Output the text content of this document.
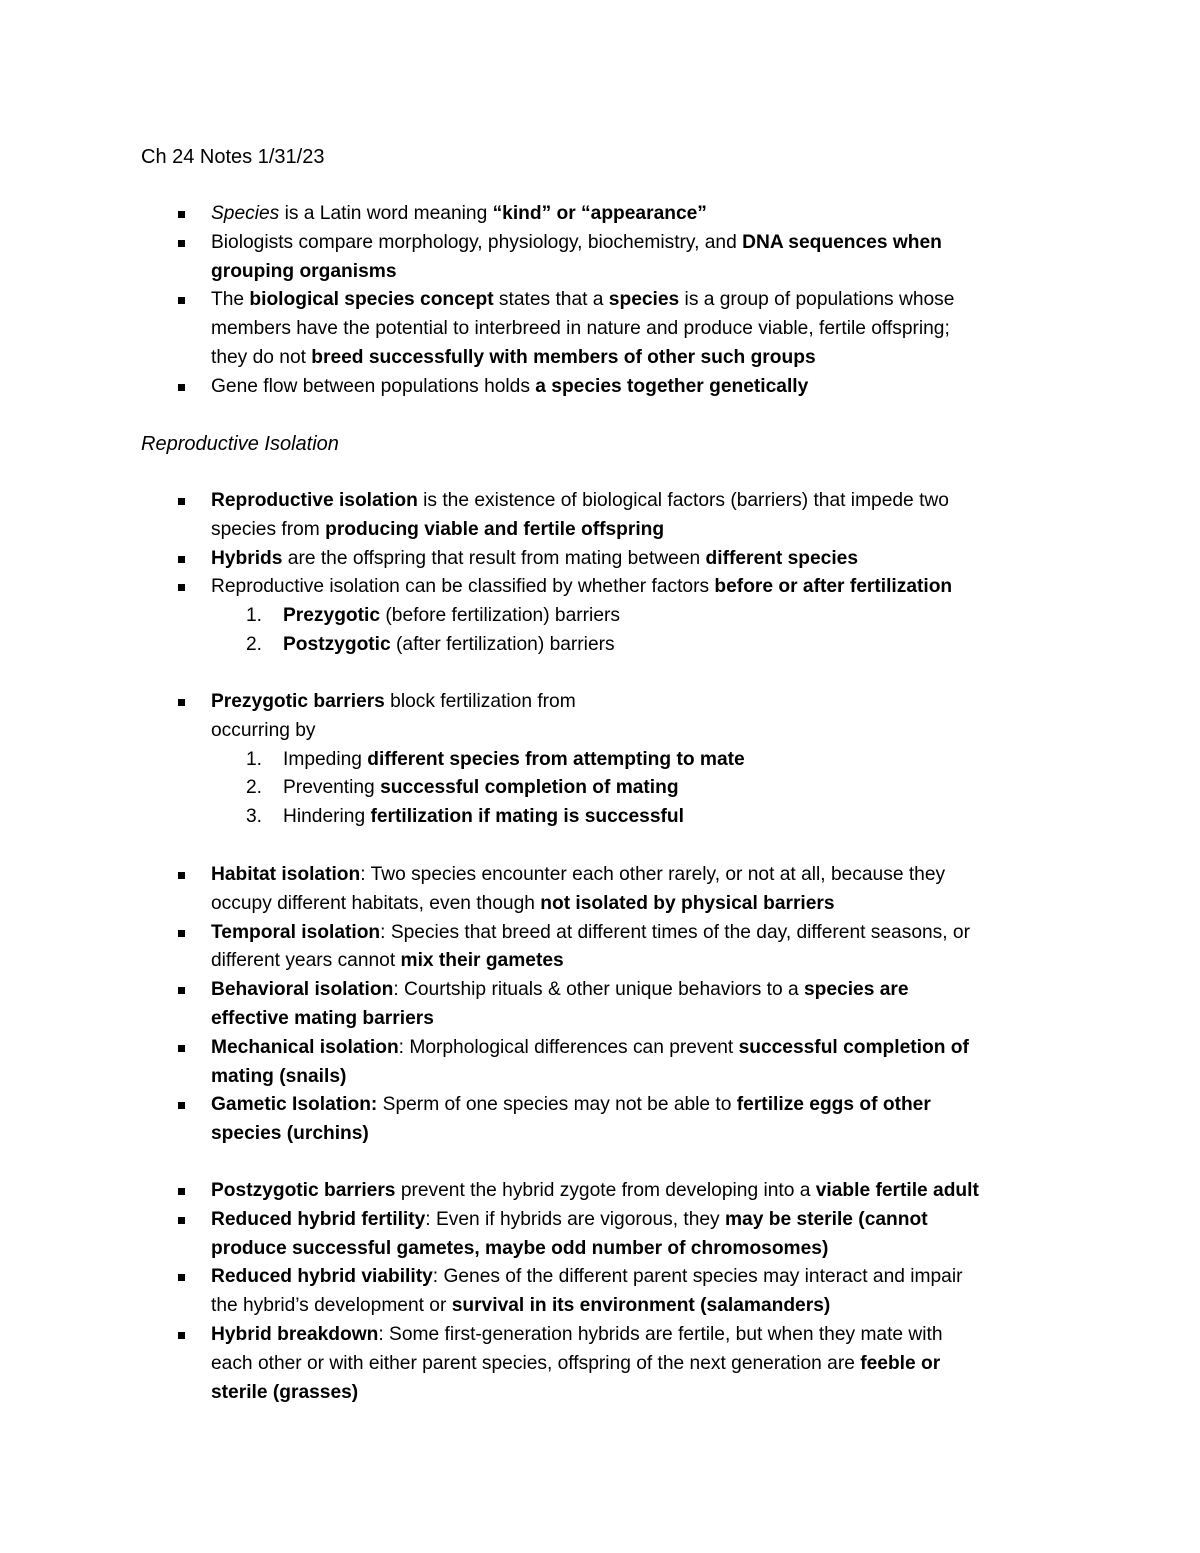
Ch 24 Notes 1/31/23
Species is a Latin word meaning “kind” or “appearance”
Biologists compare morphology, physiology, biochemistry, and DNA sequences when
grouping organisms
The biological species concept states that a species is a group of populations whose
members have the potential to interbreed in nature and produce viable, fertile offspring;
they do not breed successfully with members of other such groups
Gene flow between populations holds a species together genetically
Reproductive Isolation
Reproductive isolation is the existence of biological factors (barriers) that impede two
species from producing viable and fertile offspring
Hybrids are the offspring that result from mating between different species
Reproductive isolation can be classified by whether factors before or after fertilization
1. Prezygotic (before fertilization) barriers
2. Postzygotic (after fertilization) barriers
Prezygotic barriers block fertilization from
occurring by
1. Impeding different species from attempting to mate
2. Preventing successful completion of mating
3. Hindering fertilization if mating is successful
Habitat isolation: Two species encounter each other rarely, or not at all, because they
occupy different habitats, even though not isolated by physical barriers
Temporal isolation: Species that breed at different times of the day, different seasons, or
different years cannot mix their gametes
Behavioral isolation: Courtship rituals & other unique behaviors to a species are
effective mating barriers
Mechanical isolation: Morphological differences can prevent successful completion of
mating (snails)
Gametic Isolation: Sperm of one species may not be able to fertilize eggs of other
species (urchins)
Postzygotic barriers prevent the hybrid zygote from developing into a viable fertile adult
Reduced hybrid fertility: Even if hybrids are vigorous, they may be sterile (cannot
produce successful gametes, maybe odd number of chromosomes)
Reduced hybrid viability: Genes of the different parent species may interact and impair
the hybrid’s development or survival in its environment (salamanders)
Hybrid breakdown: Some first-generation hybrids are fertile, but when they mate with
each other or with either parent species, offspring of the next generation are feeble or
sterile (grasses)
